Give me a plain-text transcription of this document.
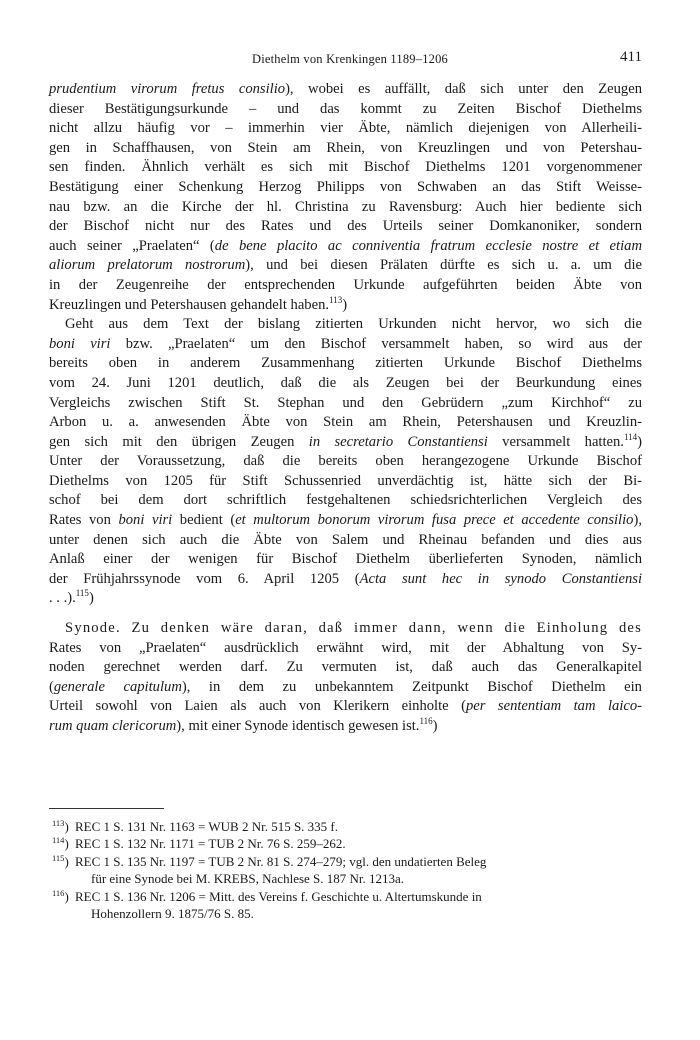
Diethelm von Krenkingen 1189–1206	411
prudentium virorum fretus consilio), wobei es auffällt, daß sich unter den Zeugen
dieser Bestätigungsurkunde – und das kommt zu Zeiten Bischof Diethelms
nicht allzu häufig vor – immerhin vier Äbte, nämlich diejenigen von Allerheili-
gen in Schaffhausen, von Stein am Rhein, von Kreuzlingen und von Petershau-
sen finden. Ähnlich verhält es sich mit Bischof Diethelms 1201 vorgenommener
Bestätigung einer Schenkung Herzog Philipps von Schwaben an das Stift Weisse-
nau bzw. an die Kirche der hl. Christina zu Ravensburg: Auch hier bediente sich
der Bischof nicht nur des Rates und des Urteils seiner Domkanoniker, sondern
auch seiner „Praelaten“ (de bene placito ac conniventia fratrum ecclesie nostre et etiam
aliorum prelatorum nostrorum), und bei diesen Prälaten dürfte es sich u. a. um die
in der Zeugenreihe der entsprechenden Urkunde aufgeführten beiden Äbte von
Kreuzlingen und Petershausen gehandelt haben.$^{113}$)
Geht aus dem Text der bislang zitierten Urkunden nicht hervor, wo sich die
boni viri bzw. „Praelaten“ um den Bischof versammelt haben, so wird aus der
bereits oben in anderem Zusammenhang zitierten Urkunde Bischof Diethelms
vom 24. Juni 1201 deutlich, daß die als Zeugen bei der Beurkundung eines
Vergleichs zwischen Stift St. Stephan und den Gebrüdern „zum Kirchhof“ zu
Arbon u. a. anwesenden Äbte von Stein am Rhein, Petershausen und Kreuzlin-
gen sich mit den übrigen Zeugen in secretario Constantiensi versammelt hatten.$^{114}$)
Unter der Voraussetzung, daß die bereits oben herangezogene Urkunde Bischof
Diethelms von 1205 für Stift Schussenried unverdächtig ist, hätte sich der Bi-
schof bei dem dort schriftlich festgehaltenen schiedsrichterlichen Vergleich des
Rates von boni viri bedient (et multorum bonorum virorum fusa prece et accedente consilio),
unter denen sich auch die Äbte von Salem und Rheinau befanden und dies aus
Anlaß einer der wenigen für Bischof Diethelm überlieferten Synoden, nämlich
der Frühjahrssynode vom 6. April 1205 (Acta sunt hec in synodo Constantiensi
. . .).$^{115}$)
Synode. Zu denken wäre daran, daß immer dann, wenn die Einholung des
Rates von „Praelaten“ ausdrücklich erwähnt wird, mit der Abhaltung von Sy-
noden gerechnet werden darf. Zu vermuten ist, daß auch das Generalkapitel
(generale capitulum), in dem zu unbekanntem Zeitpunkt Bischof Diethelm ein
Urteil sowohl von Laien als auch von Klerikern einholte (per sententiam tam laico-
rum quam clericorum), mit einer Synode identisch gewesen ist.$^{116}$)
$^{113}$) REC 1 S. 131 Nr. 1163 = WUB 2 Nr. 515 S. 335 f.
$^{114}$) REC 1 S. 132 Nr. 1171 = TUB 2 Nr. 76 S. 259–262.
$^{115}$) REC 1 S. 135 Nr. 1197 = TUB 2 Nr. 81 S. 274–279; vgl. den undatierten Beleg
für eine Synode bei M. KREBS, Nachlese S. 187 Nr. 1213a.
$^{116}$) REC 1 S. 136 Nr. 1206 = Mitt. des Vereins f. Geschichte u. Altertumskunde in
Hohenzollern 9. 1875/76 S. 85.
